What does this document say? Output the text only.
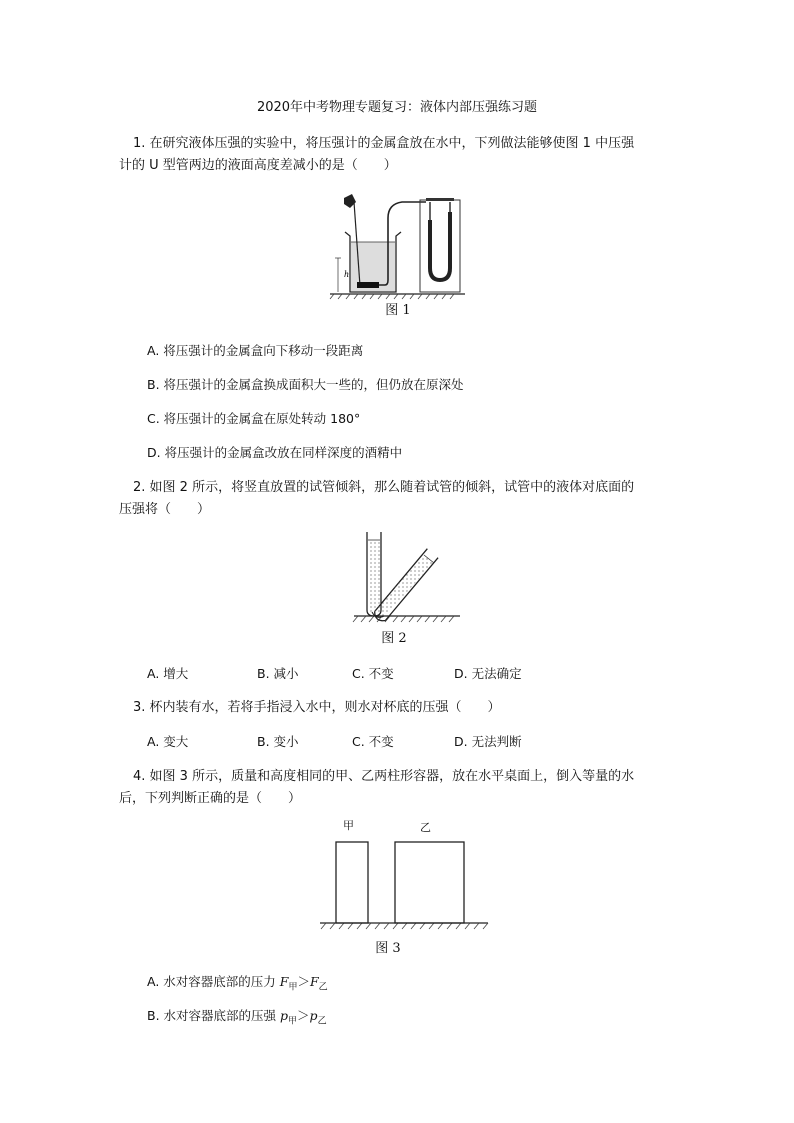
2020年中考物理专题复习：液体内部压强练习题
1. 在研究液体压强的实验中，将压强计的金属盒放在水中，下列做法能够使图 1 中压强
计的 U 型管两边的液面高度差减小的是（　　）
h
图 1
A. 将压强计的金属盒向下移动一段距离
B. 将压强计的金属盒换成面积大一些的，但仍放在原深处
C. 将压强计的金属盒在原处转动 180°
D. 将压强计的金属盒改放在同样深度的酒精中
2. 如图 2 所示，将竖直放置的试管倾斜，那么随着试管的倾斜，试管中的液体对底面的
压强将（　　）
图 2
A. 增大	B. 减小	C. 不变	D. 无法确定
3. 杯内装有水，若将手指浸入水中，则水对杯底的压强（　　）
A. 变大	B. 变小	C. 不变	D. 无法判断
4. 如图 3 所示，质量和高度相同的甲、乙两柱形容器，放在水平桌面上，倒入等量的水
后，下列判断正确的是（　　）
甲	乙
图 3
A. 水对容器底部的压力 $F_甲>F_乙$
B. 水对容器底部的压强 $p_甲>p_乙$
